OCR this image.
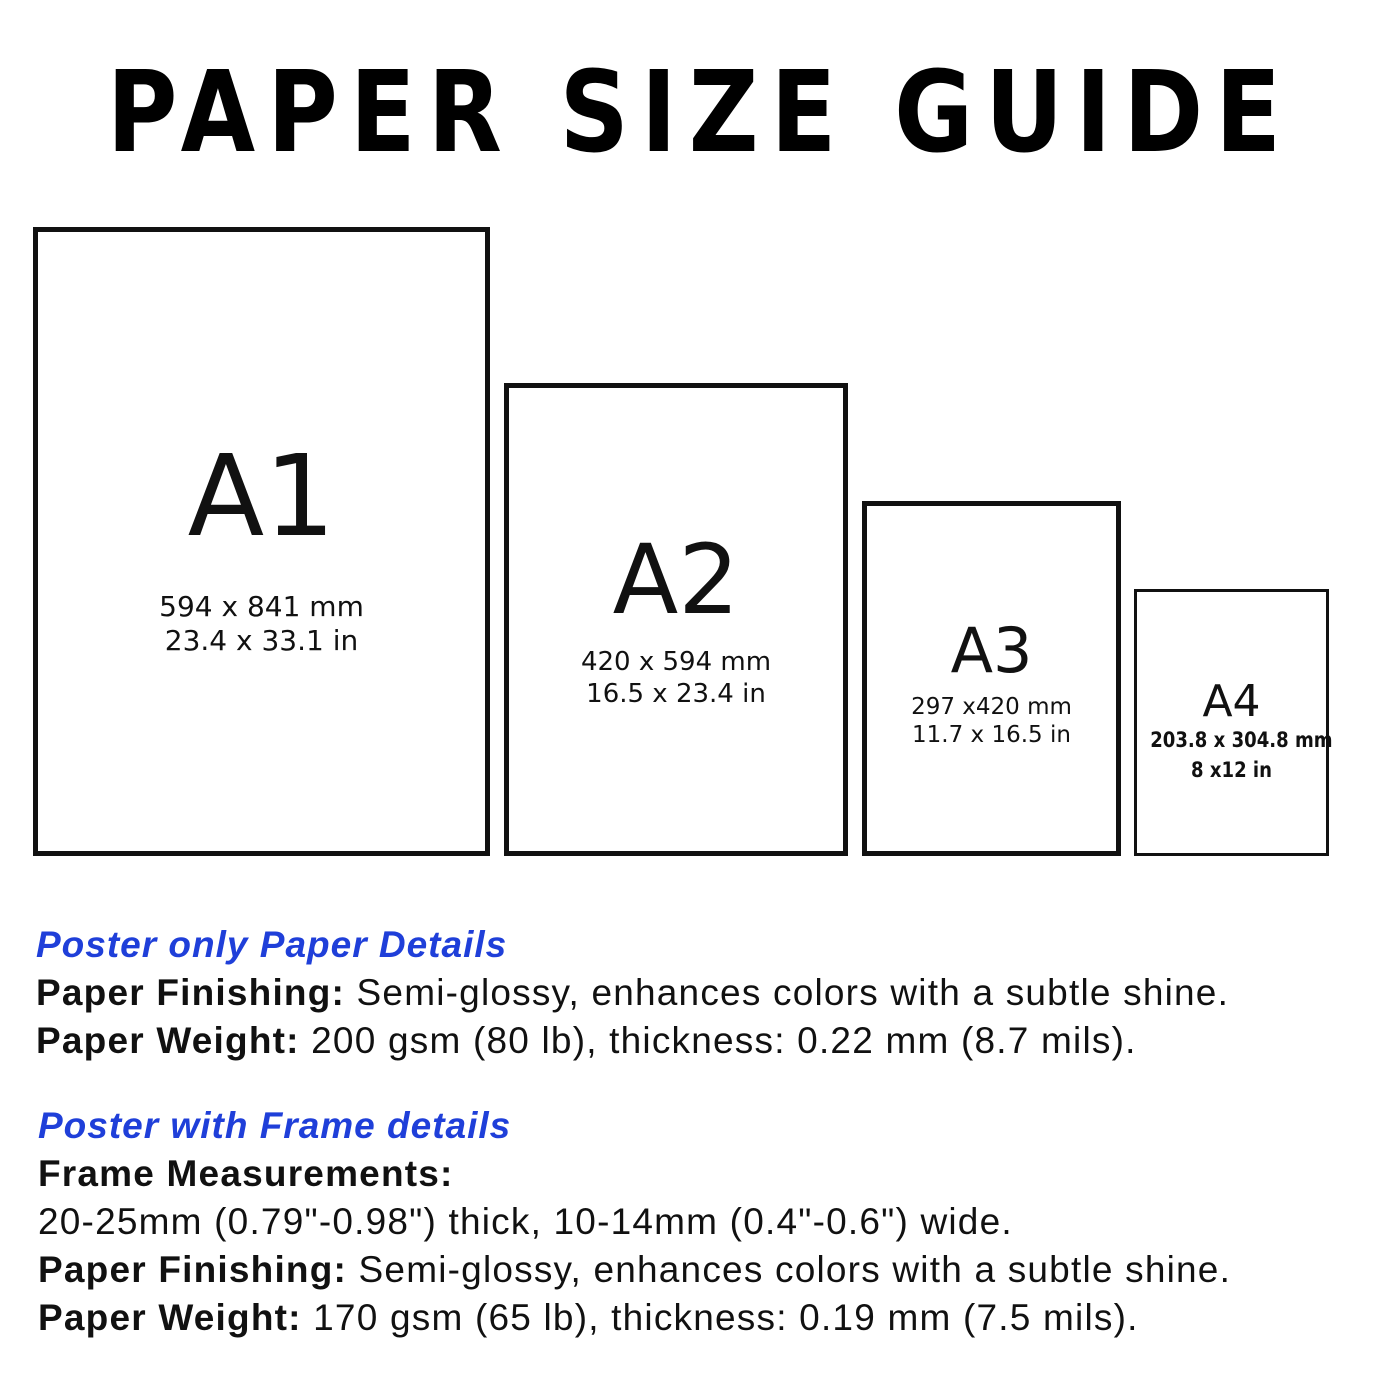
PAPER SIZE GUIDE
A1
594 x 841 mm
23.4 x 33.1 in
A2
420 x 594 mm
16.5 x 23.4 in
A3
297 x420 mm
11.7 x 16.5 in
A4
203.8 x 304.8 mm
8 x12 in

Poster only Paper Details

Paper Finishing: Semi-glossy, enhances colors with a subtle shine.

Paper Weight: 200 gsm (80 lb), thickness: 0.22 mm (8.7 mils).

Poster with Frame details

Frame Measurements:

20-25mm (0.79"-0.98") thick, 10-14mm (0.4"-0.6") wide.

Paper Finishing: Semi-glossy, enhances colors with a subtle shine.

Paper Weight: 170 gsm (65 lb), thickness: 0.19 mm (7.5 mils).
